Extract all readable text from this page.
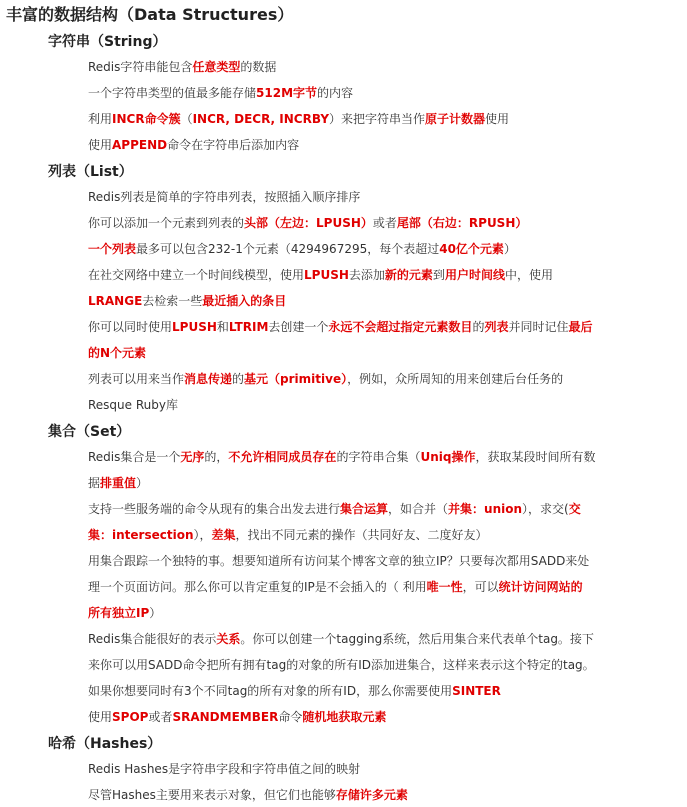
丰富的数据结构（Data Structures）
字符串（String）
Redis字符串能包含任意类型的数据
一个字符串类型的值最多能存储512M字节的内容
利用INCR命令簇（INCR, DECR, INCRBY）来把字符串当作原子计数器使用
使用APPEND命令在字符串后添加内容
列表（List）
Redis列表是简单的字符串列表，按照插入顺序排序
你可以添加一个元素到列表的头部（左边：LPUSH）或者尾部（右边：RPUSH）
一个列表最多可以包含232-1个元素（4294967295，每个表超过40亿个元素）
在社交网络中建立一个时间线模型，使用LPUSH去添加新的元素到用户时间线中，使用
LRANGE去检索一些最近插入的条目
你可以同时使用LPUSH和LTRIM去创建一个永远不会超过指定元素数目的列表并同时记住最后
的N个元素
列表可以用来当作消息传递的基元（primitive），例如，众所周知的用来创建后台任务的
Resque Ruby库
集合（Set）
Redis集合是一个无序的，不允许相同成员存在的字符串合集（Uniq操作，获取某段时间所有数
据排重值）
支持一些服务端的命令从现有的集合出发去进行集合运算，如合并（并集：union），求交(交
集：intersection），差集，找出不同元素的操作（共同好友、二度好友）
用集合跟踪一个独特的事。想要知道所有访问某个博客文章的独立IP？只要每次都用SADD来处
理一个页面访问。那么你可以肯定重复的IP是不会插入的（ 利用唯一性，可以统计访问网站的
所有独立IP）
Redis集合能很好的表示关系。你可以创建一个tagging系统，然后用集合来代表单个tag。接下
来你可以用SADD命令把所有拥有tag的对象的所有ID添加进集合，这样来表示这个特定的tag。
如果你想要同时有3个不同tag的所有对象的所有ID，那么你需要使用SINTER
使用SPOP或者SRANDMEMBER命令随机地获取元素
哈希（Hashes）
Redis Hashes是字符串字段和字符串值之间的映射
尽管Hashes主要用来表示对象，但它们也能够存储许多元素
